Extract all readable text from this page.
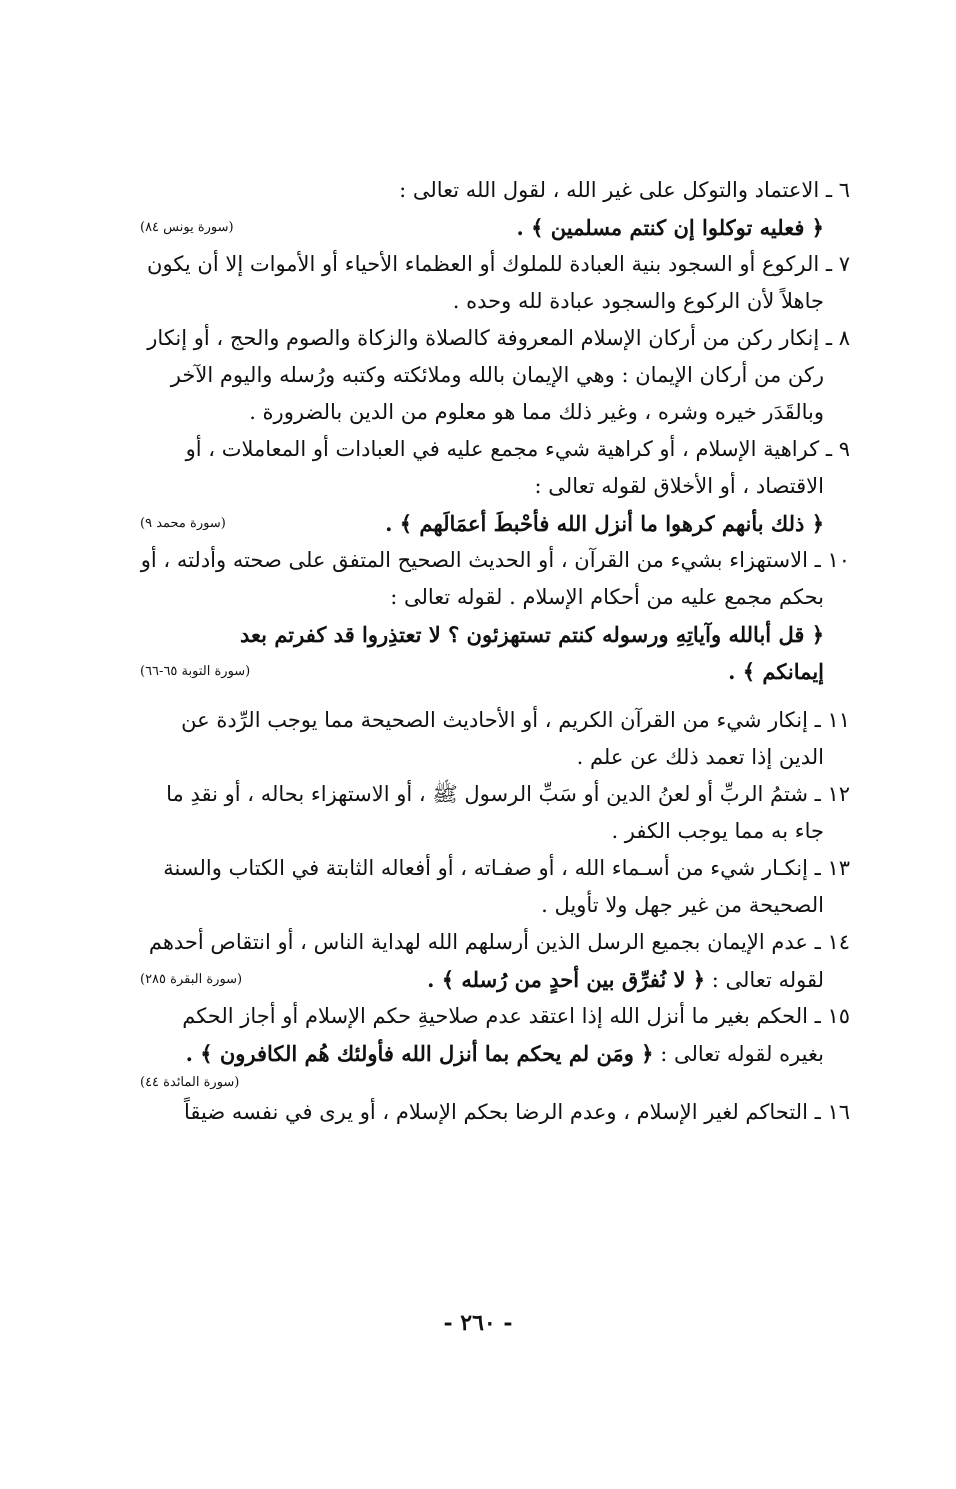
٦ ـ الاعتماد والتوكل على غير الله ، لقول الله تعالى :
﴿ فعليه توكلوا إن كنتم مسلمين ﴾ .
(سورة يونس ٨٤)
٧ ـ الركوع أو السجود بنية العبادة للملوك أو العظماء الأحياء أو الأموات إلا أن يكون
جاهلاً لأن الركوع والسجود عبادة لله وحده .
٨ ـ إنكار ركن من أركان الإسلام المعروفة كالصلاة والزكاة والصوم والحج ، أو إنكار
ركن من أركان الإيمان : وهي الإيمان بالله وملائكته وكتبه ورُسله واليوم الآخر
وبالقَدَر خيره وشره ، وغير ذلك مما هو معلوم من الدين بالضرورة .
٩ ـ كراهية الإسلام ، أو كراهية شيء مجمع عليه في العبادات أو المعاملات ، أو
الاقتصاد ، أو الأخلاق لقوله تعالى :
﴿ ذلك بأنهم كرهوا ما أنزل الله فأحْبطَ أعمَالَهم ﴾ .
(سورة محمد ٩)
١٠ ـ الاستهزاء بشيء من القرآن ، أو الحديث الصحيح المتفق على صحته وأدلته ، أو
بحكم مجمع عليه من أحكام الإسلام . لقوله تعالى :
﴿ قل أبالله وآياتِهِ ورسوله كنتم تستهزئون ؟ لا تعتذِروا قد كفرتم بعد
إيمانكم ﴾ .
(سورة التوبة ٦٥-٦٦)
١١ ـ إنكار شيء من القرآن الكريم ، أو الأحاديث الصحيحة مما يوجب الرِّدة عن
الدين إذا تعمد ذلك عن علم .
١٢ ـ شتمُ الربِّ أو لعنُ الدين أو سَبِّ الرسول ﷺ ، أو الاستهزاء بحاله ، أو نقدِ ما
جاء به مما يوجب الكفر .
١٣ ـ إنكـار شيء من أسـماء الله ، أو صفـاته ، أو أفعاله الثابتة في الكتاب والسنة
الصحيحة من غير جهل ولا تأويل .
١٤ ـ عدم الإيمان بجميع الرسل الذين أرسلهم الله لهداية الناس ، أو انتقاص أحدهم
لقوله تعالى : ﴿ لا نُفرِّق بين أحدٍ من رُسله ﴾ .
(سورة البقرة ٢٨٥)
١٥ ـ الحكم بغير ما أنزل الله إذا اعتقد عدم صلاحيةِ حكم الإسلام أو أجاز الحكم
بغيره لقوله تعالى : ﴿ ومَن لم يحكم بما أنزل الله فأولئك هُم الكافرون ﴾ .
(سورة المائدة ٤٤)
١٦ ـ التحاكم لغير الإسلام ، وعدم الرضا بحكم الإسلام ، أو يرى في نفسه ضيقاً
- ٢٦٠ -
